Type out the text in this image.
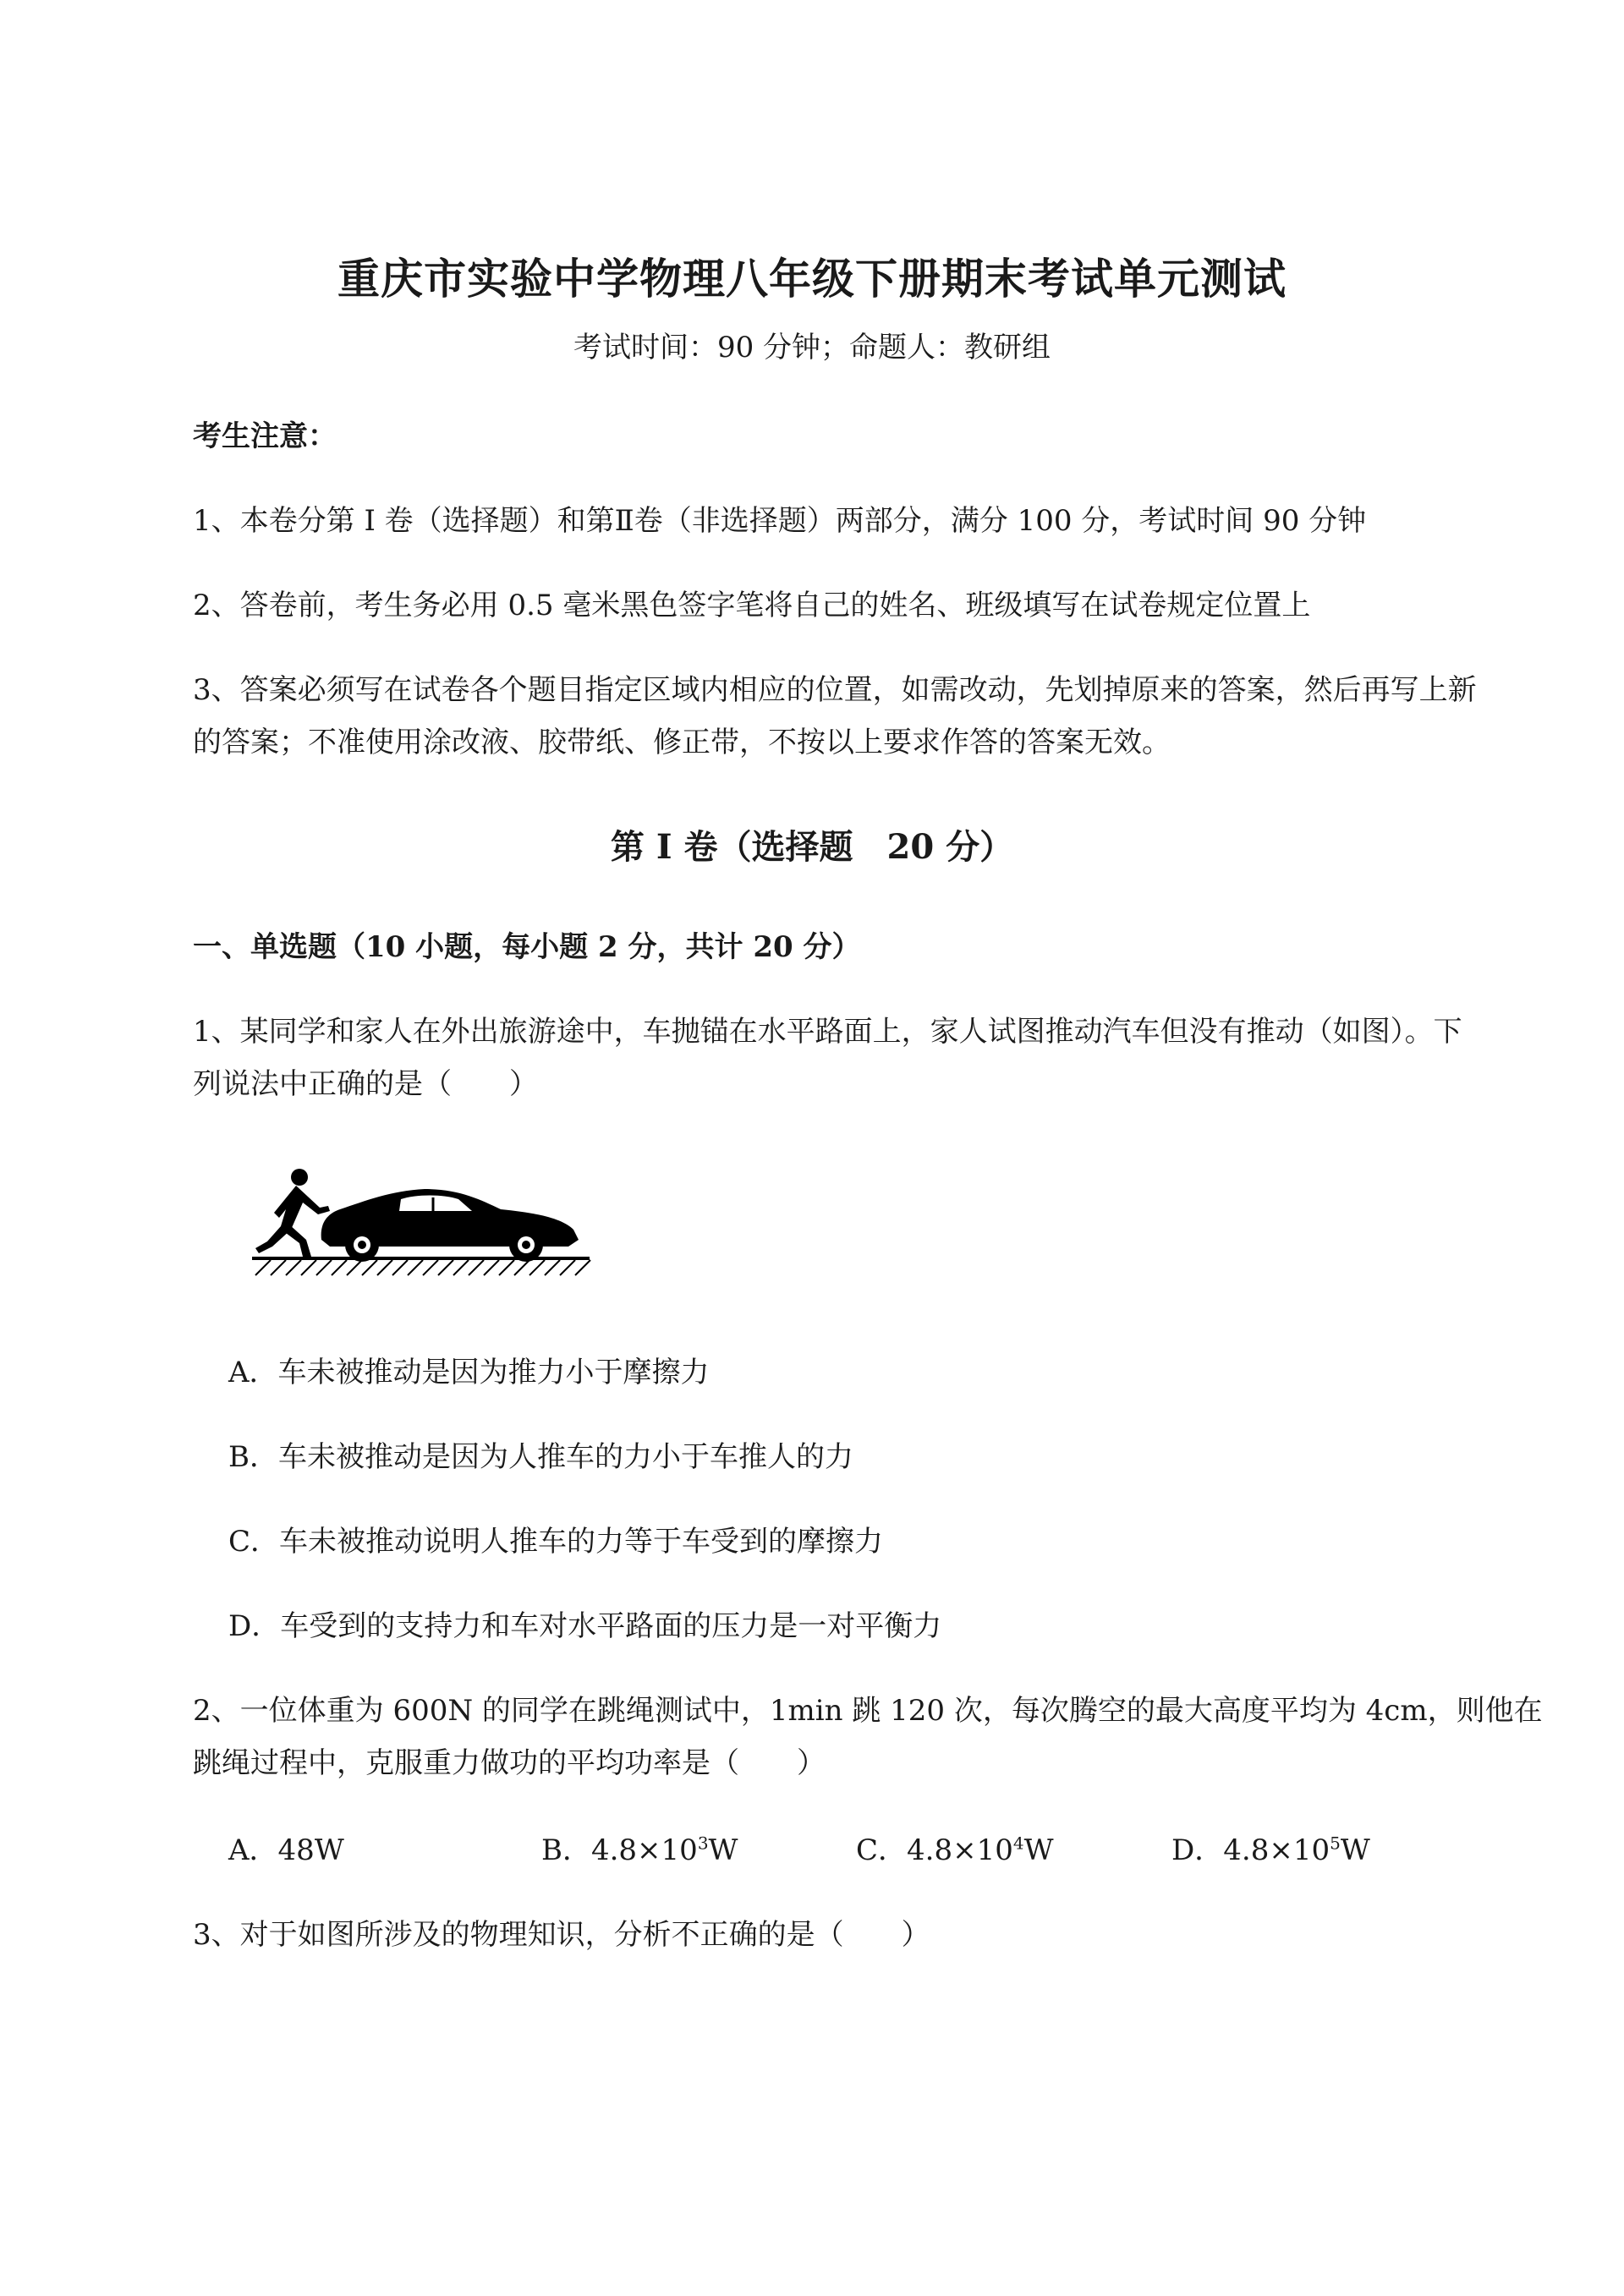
重庆市实验中学物理八年级下册期末考试单元测试
考试时间：90 分钟；命题人：教研组
考生注意：
1、本卷分第 I 卷（选择题）和第Ⅱ卷（非选择题）两部分，满分 100 分，考试时间 90 分钟
2、答卷前，考生务必用 0.5 毫米黑色签字笔将自己的姓名、班级填写在试卷规定位置上
3、答案必须写在试卷各个题目指定区域内相应的位置，如需改动，先划掉原来的答案，然后再写上新
的答案；不准使用涂改液、胶带纸、修正带，不按以上要求作答的答案无效。
第 I 卷（选择题　20 分）
一、单选题（10 小题，每小题 2 分，共计 20 分）
1、某同学和家人在外出旅游途中，车抛锚在水平路面上，家人试图推动汽车但没有推动（如图）。下
列说法中正确的是（　　）
A．车未被推动是因为推力小于摩擦力
B．车未被推动是因为人推车的力小于车推人的力
C．车未被推动说明人推车的力等于车受到的摩擦力
D．车受到的支持力和车对水平路面的压力是一对平衡力
2、一位体重为 600N 的同学在跳绳测试中，1min 跳 120 次，每次腾空的最大高度平均为 4cm，则他在
跳绳过程中，克服重力做功的平均功率是（　　）
A．48W	B．$4.8\times 10^3W$	C．$4.8\times 10^4W$	D．$4.8\times 10^5W$
3、对于如图所涉及的物理知识，分析不正确的是（　　）
